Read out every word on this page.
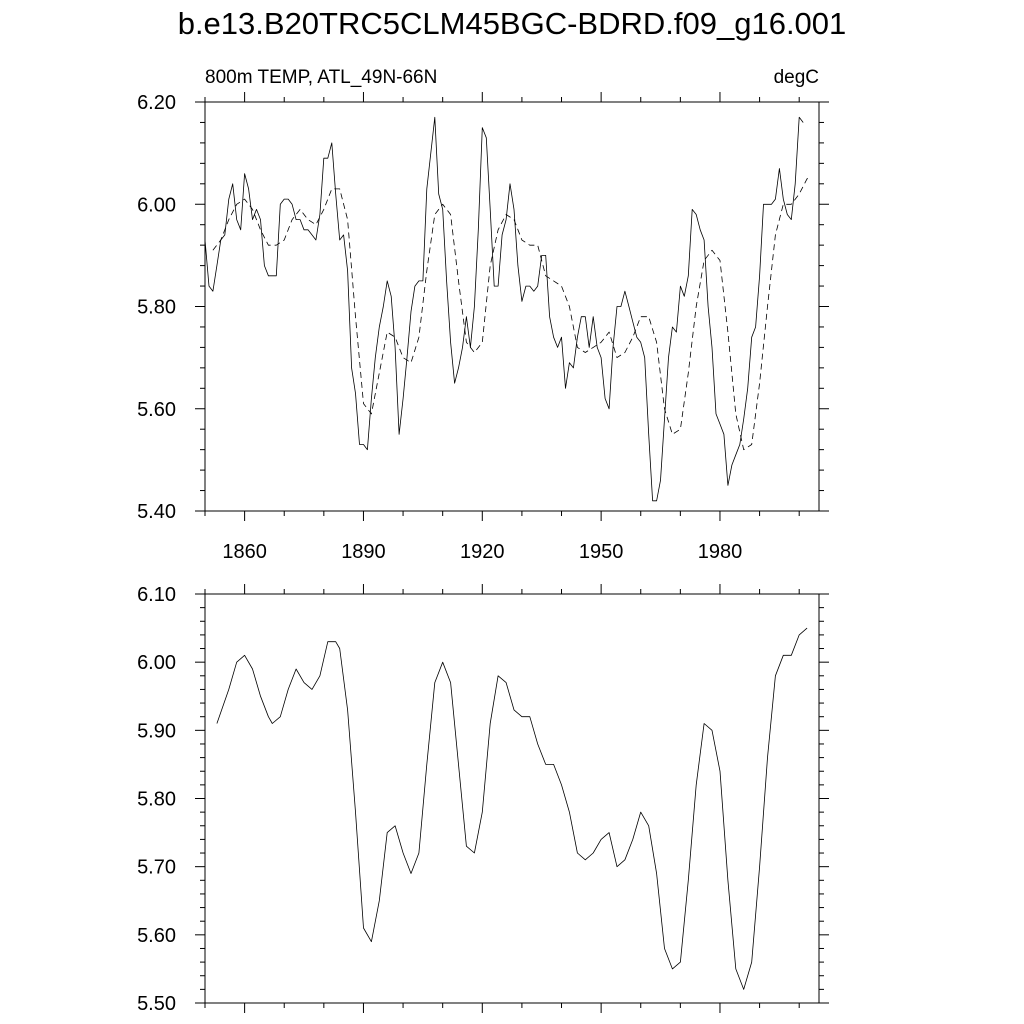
b.e13.B20TRC5CLM45BGC-BDRD.f09_g16.001
1860	1890	1920	1950	1980
5.40
5.60
5.80
6.00
6.20
800m TEMP, ATL_49N-66N	degC
5.50
5.60
5.70
5.80
5.90
6.00
6.10
